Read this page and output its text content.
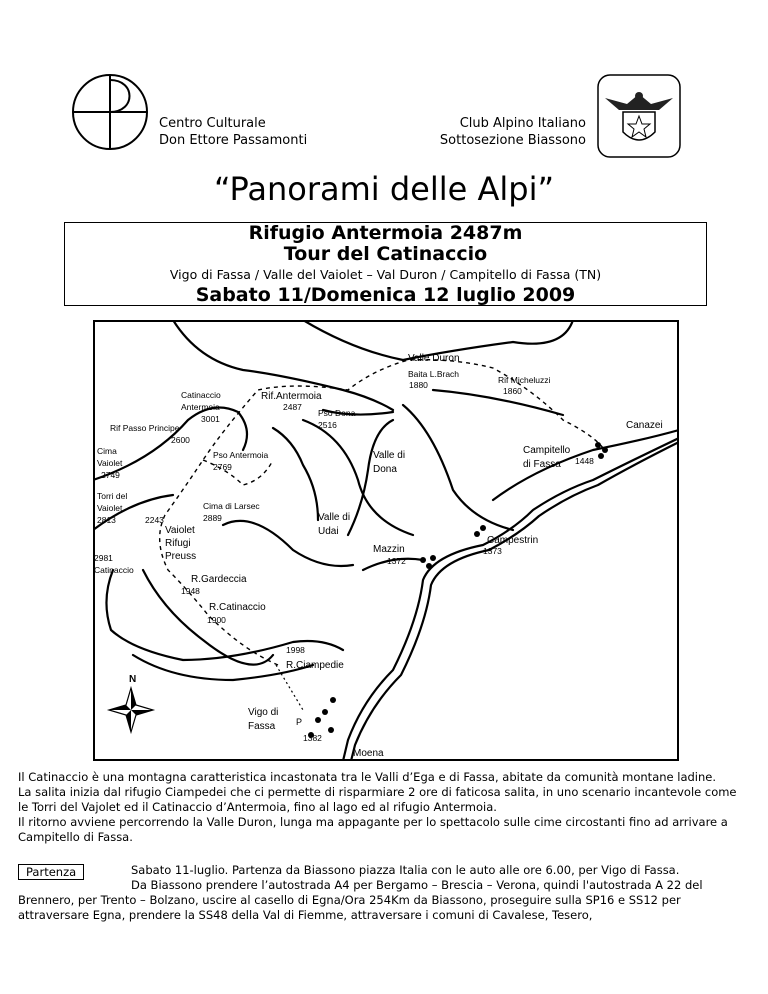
Centro Culturale
Don Ettore Passamonti
Club Alpino Italiano
Sottosezione Biassono
“Panorami delle Alpi”
Rifugio Antermoia 2487m
Tour del Catinaccio
Vigo di Fassa / Valle del Vaiolet – Val Duron / Campitello di Fassa (TN)
Sabato 11/Domenica 12 luglio 2009
Valle Duron
Baita L.Brach
1880	Rif Micheluzzi
1860
Catinaccio
Antermoia
3001
Rif.Antermoia
2487
Pso Dona
2516	Canazei
Rif Passo Principe
2600
Cima
Vaiolet
2749
Pso Antermoia
2769
Valle di
Dona
Campitello
di Fassa 1448
Torri del
Vaiolet
2813	2243
Cima di Larsec
2889
Vaiolet
Rifugi
Preuss
Valle di
Udai
Campestrin
1373
Mazzin
1372
2981
Catinaccio
R.Gardeccia
1948
R.Catinaccio
1900
1998
R.Ciampedie
N
Vigo di
Fassa
1382
P
Moena

Il Catinaccio è una montagna caratteristica incastonata tra le Valli d’Ega e di Fassa, abitate da comunità montane ladine.

La salita inizia dal rifugio Ciampedei che ci permette di risparmiare 2 ore di faticosa salita, in uno scenario incantevole come le Torri del Vajolet ed il Catinaccio d’Antermoia, fino al lago ed al rifugio Antermoia.

Il ritorno avviene percorrendo la Valle Duron, lunga ma appagante per lo spettacolo sulle cime circostanti fino ad arrivare a Campitello di Fassa.

Partenza	Sabato 11-luglio. Partenza da Biassono piazza Italia con le auto alle ore 6.00, per Vigo di Fassa.
Da Biassono prendere l’autostrada A4 per Bergamo – Brescia – Verona, quindi l'autostrada A 22 del Brennero, per Trento – Bolzano, uscire al casello di Egna/Ora 254Km da Biassono, proseguire sulla SP16 e SS12 per attraversare Egna, prendere la SS48 della Val di Fiemme, attraversare i comuni di Cavalese, Tesero,
